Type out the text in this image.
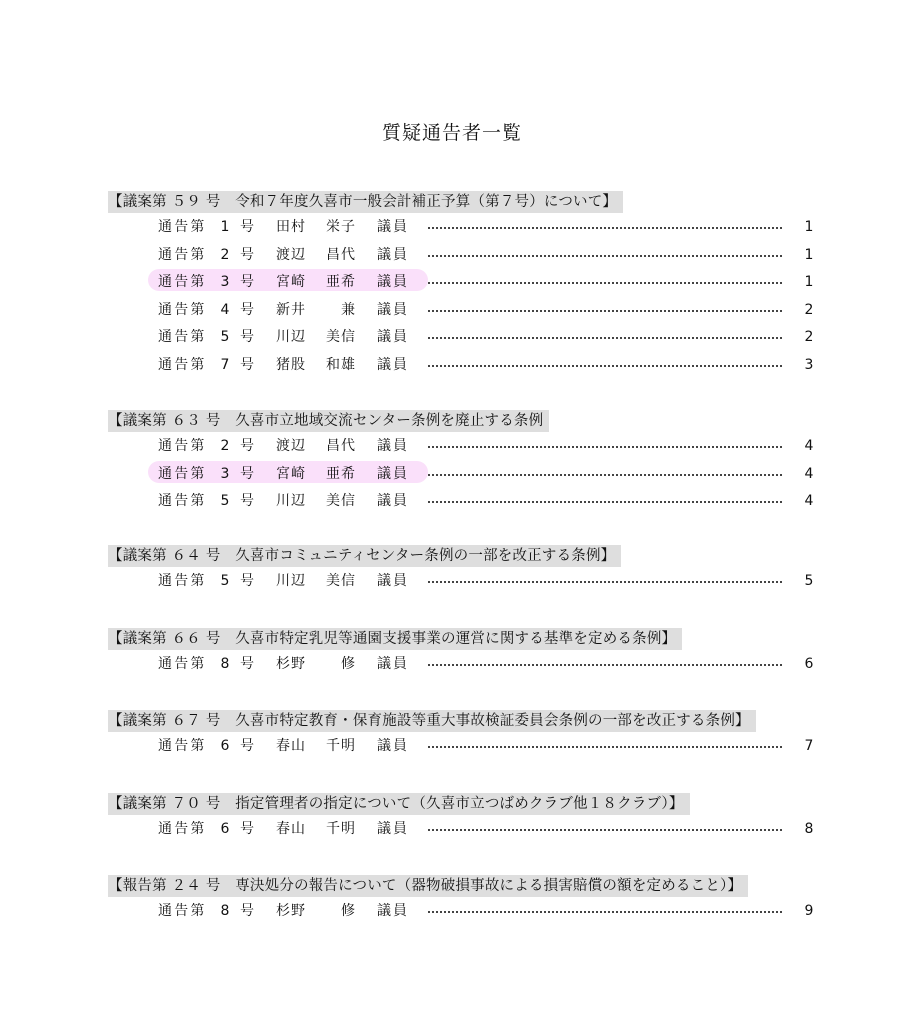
質疑通告者一覧
【議案第 ５９ 号　令和７年度久喜市一般会計補正予算（第７号）について】
通告第 1 号 田村 栄子 議員	1
通告第 2 号 渡辺 昌代 議員	1
通告第 3 号 宮崎 亜希 議員	1
通告第 4 号 新井 　兼 議員	2
通告第 5 号 川辺 美信 議員	2
通告第 7 号 猪股 和雄 議員	3
【議案第 ６３ 号　久喜市立地域交流センター条例を廃止する条例
通告第 2 号 渡辺 昌代 議員	4
通告第 3 号 宮崎 亜希 議員	4
通告第 5 号 川辺 美信 議員	4
【議案第 ６４ 号　久喜市コミュニティセンター条例の一部を改正する条例】
通告第 5 号 川辺 美信 議員	5
【議案第 ６６ 号　久喜市特定乳児等通園支援事業の運営に関する基準を定める条例】
通告第 8 号 杉野 　修 議員	6
【議案第 ６７ 号　久喜市特定教育・保育施設等重大事故検証委員会条例の一部を改正する条例】
通告第 6 号 春山 千明 議員	7
【議案第 ７０ 号　指定管理者の指定について（久喜市立つばめクラブ他１８クラブ）】
通告第 6 号 春山 千明 議員	8
【報告第 ２４ 号　専決処分の報告について（器物破損事故による損害賠償の額を定めること）】
通告第 8 号 杉野 　修 議員	9
